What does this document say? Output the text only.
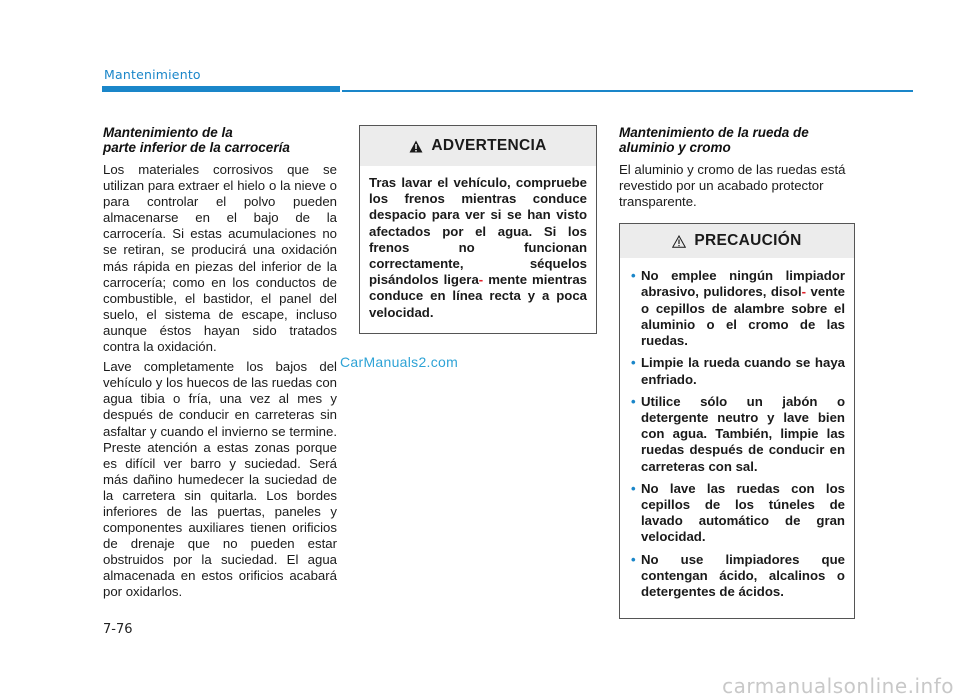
Mantenimiento
Mantenimiento de la
parte inferior de la carrocería

Los materiales corrosivos que se utilizan para extraer el hielo o la nieve o para controlar el polvo pueden almacenarse en el bajo de la carrocería. Si estas acumulaciones no se retiran, se producirá una oxidación más rápida en piezas del inferior de la carrocería; como en los conductos de combustible, el bastidor, el panel del suelo, el sistema de escape, incluso aunque éstos hayan sido tratados contra la oxidación.

Lave completamente los bajos del vehículo y los huecos de las ruedas con agua tibia o fría, una vez al mes y después de conducir en carreteras sin asfaltar y cuando el invierno se termine. Preste atención a estas zonas porque es difícil ver barro y suciedad. Será más dañino humedecer la suciedad de la carretera sin quitarla. Los bordes inferiores de las puertas, paneles y componentes auxiliares tienen orificios de drenaje que no pueden estar obstruidos por la suciedad. El agua almacenada en estos orificios acabará por oxidarlos.

ADVERTENCIA

Tras lavar el vehículo, compruebe los frenos mientras conduce despacio para ver si se han visto afectados por el agua. Si los frenos no funcionan correctamente, séquelos pisándolos ligera- mente mientras conduce en línea recta y a poca velocidad.

Mantenimiento de la rueda de
aluminio y cromo

El aluminio y cromo de las ruedas está revestido por un acabado protector transparente.

PRECAUCIÓN

• No emplee ningún limpiador abrasivo, pulidores, disol- vente o cepillos de alambre sobre el aluminio o el cromo de las ruedas.

• Limpie la rueda cuando se haya enfriado.

• Utilice sólo un jabón o detergente neutro y lave bien con agua. También, limpie las ruedas después de conducir en carreteras con sal.

• No lave las ruedas con los cepillos de los túneles de lavado automático de gran velocidad.

• No use limpiadores que contengan ácido, alcalinos o detergentes de ácidos.

CarManuals2.com
7-76
carmanualsonline.info
